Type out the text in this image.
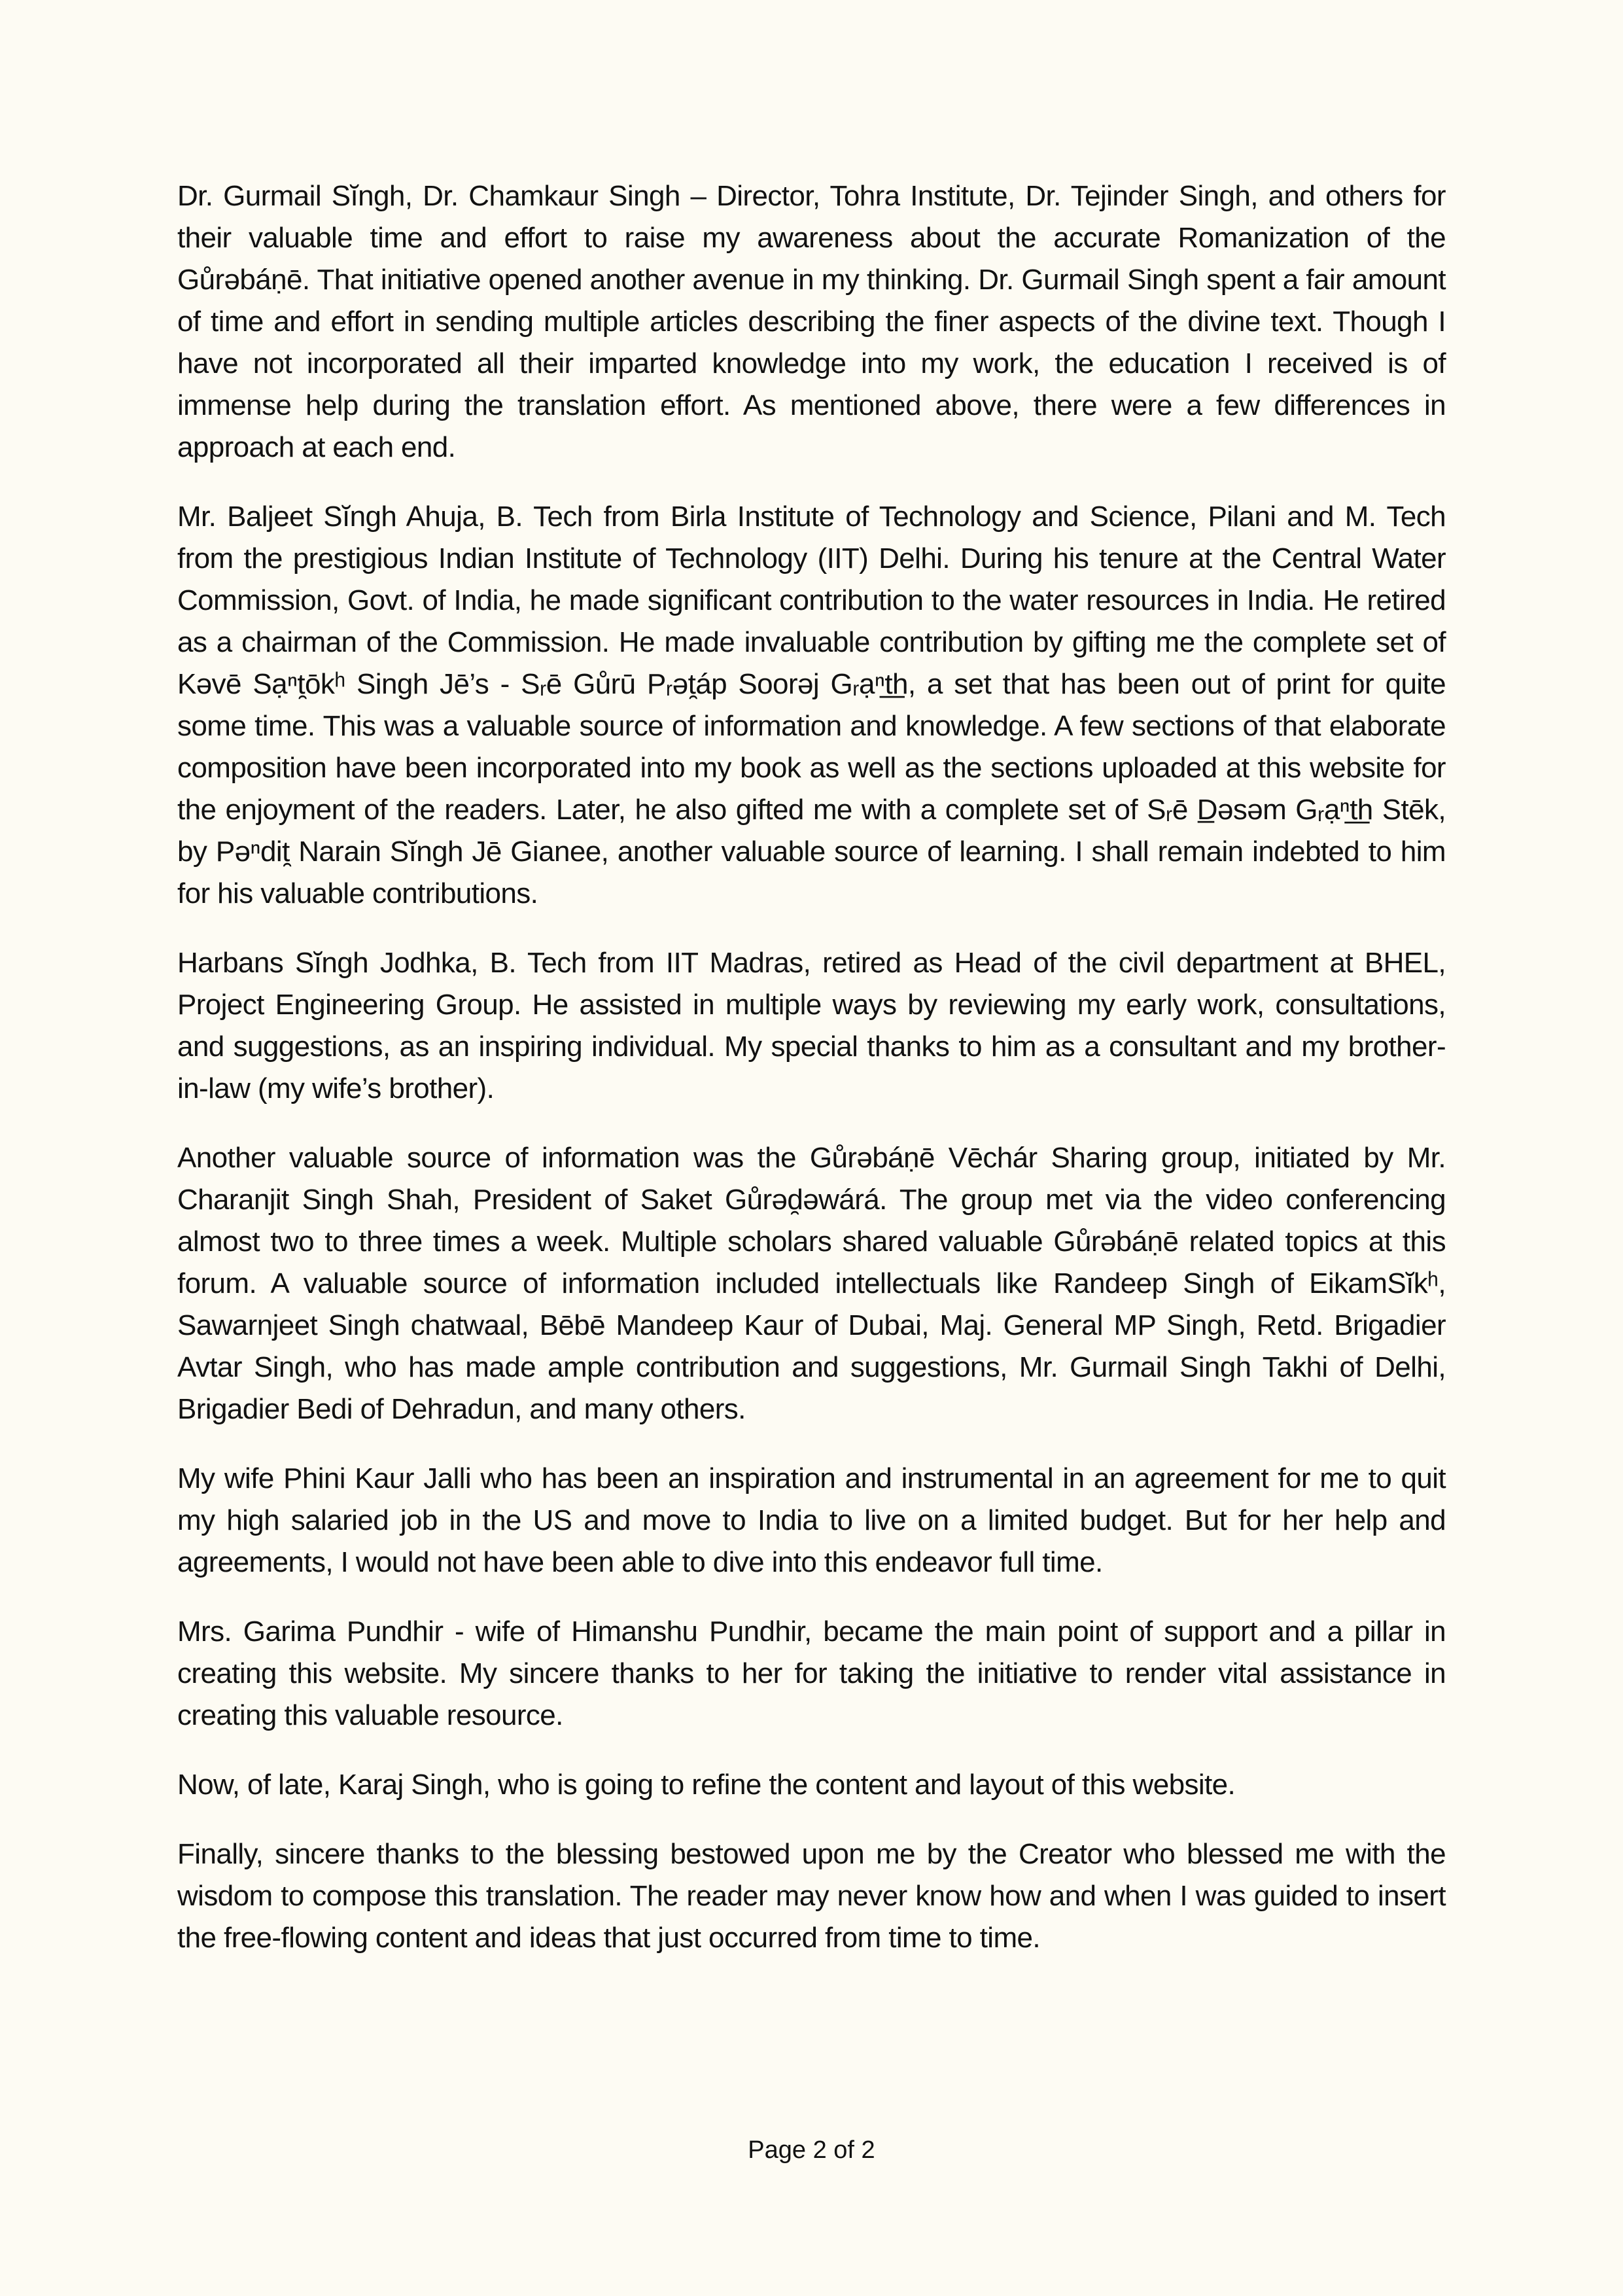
Dr. Gurmail Sĭngh, Dr. Chamkaur Singh – Director, Tohra Institute, Dr. Tejinder Singh, and others for their valuable time and effort to raise my awareness about the accurate Romanization of the Gůrəbáṇē. That initiative opened another avenue in my thinking. Dr. Gurmail Singh spent a fair amount of time and effort in sending multiple articles describing the finer aspects of the divine text. Though I have not incorporated all their imparted knowledge into my work, the education I received is of immense help during the translation effort. As mentioned above, there were a few differences in approach at each end.

Mr. Baljeet Sĭngh Ahuja, B. Tech from Birla Institute of Technology and Science, Pilani and M. Tech from the prestigious Indian Institute of Technology (IIT) Delhi. During his tenure at the Central Water Commission, Govt. of India, he made significant contribution to the water resources in India. He retired as a chairman of the Commission. He made invaluable contribution by gifting me the complete set of Kəvē Sạⁿt̯ōkʰ Singh Jē’s - Sᵣē Gůrū Pᵣət̯áp Soorəj Gᵣạⁿt͟h, a set that has been out of print for quite some time. This was a valuable source of information and knowledge. A few sections of that elaborate composition have been incorporated into my book as well as the sections uploaded at this website for the enjoyment of the readers. Later, he also gifted me with a complete set of Sᵣē D̲əsəm Gᵣạⁿt͟h Stēk, by Pəⁿdit̯ Narain Sĭngh Jē Gianee, another valuable source of learning. I shall remain indebted to him for his valuable contributions.

Harbans Sĭngh Jodhka, B. Tech from IIT Madras, retired as Head of the civil department at BHEL, Project Engineering Group. He assisted in multiple ways by reviewing my early work, consultations, and suggestions, as an inspiring individual. My special thanks to him as a consultant and my brother-in-law (my wife’s brother).

Another valuable source of information was the Gůrəbáṇē Vēchár Sharing group, initiated by Mr. Charanjit Singh Shah, President of Saket Gůrəd̯əwárá. The group met via the video conferencing almost two to three times a week. Multiple scholars shared valuable Gůrəbáṇē related topics at this forum. A valuable source of information included intellectuals like Randeep Singh of EikamSĭkʰ, Sawarnjeet Singh chatwaal, Bēbē Mandeep Kaur of Dubai, Maj. General MP Singh, Retd. Brigadier Avtar Singh, who has made ample contribution and suggestions, Mr. Gurmail Singh Takhi of Delhi, Brigadier Bedi of Dehradun, and many others.

My wife Phini Kaur Jalli who has been an inspiration and instrumental in an agreement for me to quit my high salaried job in the US and move to India to live on a limited budget. But for her help and agreements, I would not have been able to dive into this endeavor full time.

Mrs. Garima Pundhir - wife of Himanshu Pundhir, became the main point of support and a pillar in creating this website. My sincere thanks to her for taking the initiative to render vital assistance in creating this valuable resource.

Now, of late, Karaj Singh, who is going to refine the content and layout of this website.

Finally, sincere thanks to the blessing bestowed upon me by the Creator who blessed me with the wisdom to compose this translation. The reader may never know how and when I was guided to insert the free-flowing content and ideas that just occurred from time to time.

Page 2 of 2
